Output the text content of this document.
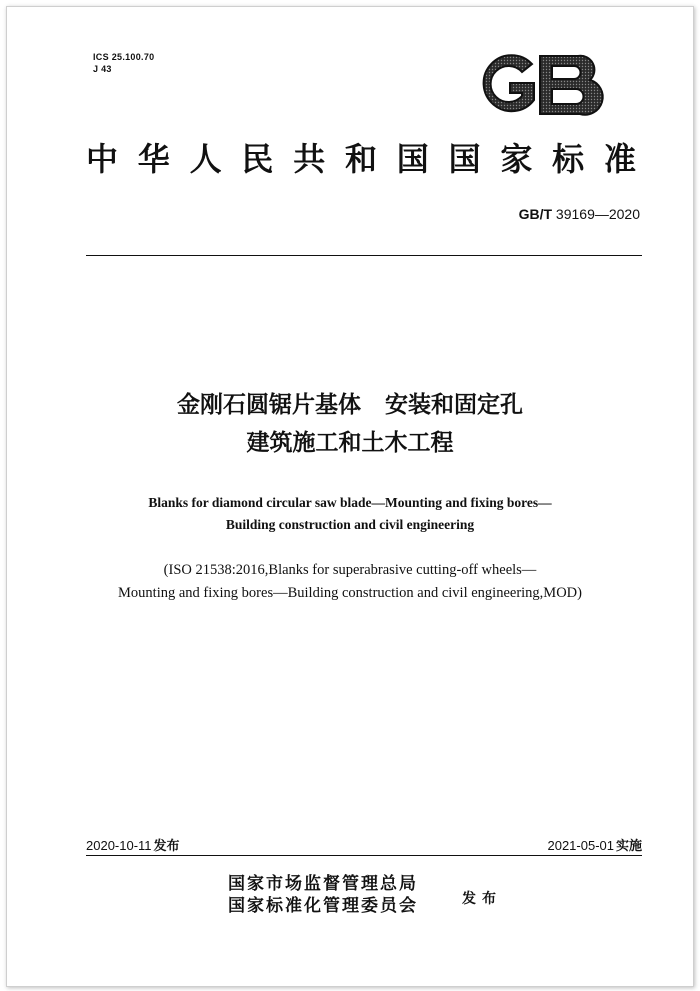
ICS 25.100.70
J 43
中华人民共和国国家标准
GB/T 39169—2020
金刚石圆锯片基体   安装和固定孔
建筑施工和土木工程
Blanks for diamond circular saw blade—Mounting and fixing bores—
Building construction and civil engineering
(ISO 21538:2016,Blanks for superabrasive cutting-off wheels—
Mounting and fixing bores—Building construction and civil engineering,MOD)
2020-10-11 发布	2021-05-01 实施
国家市场监督管理总局
国家标准化管理委员会	发布
